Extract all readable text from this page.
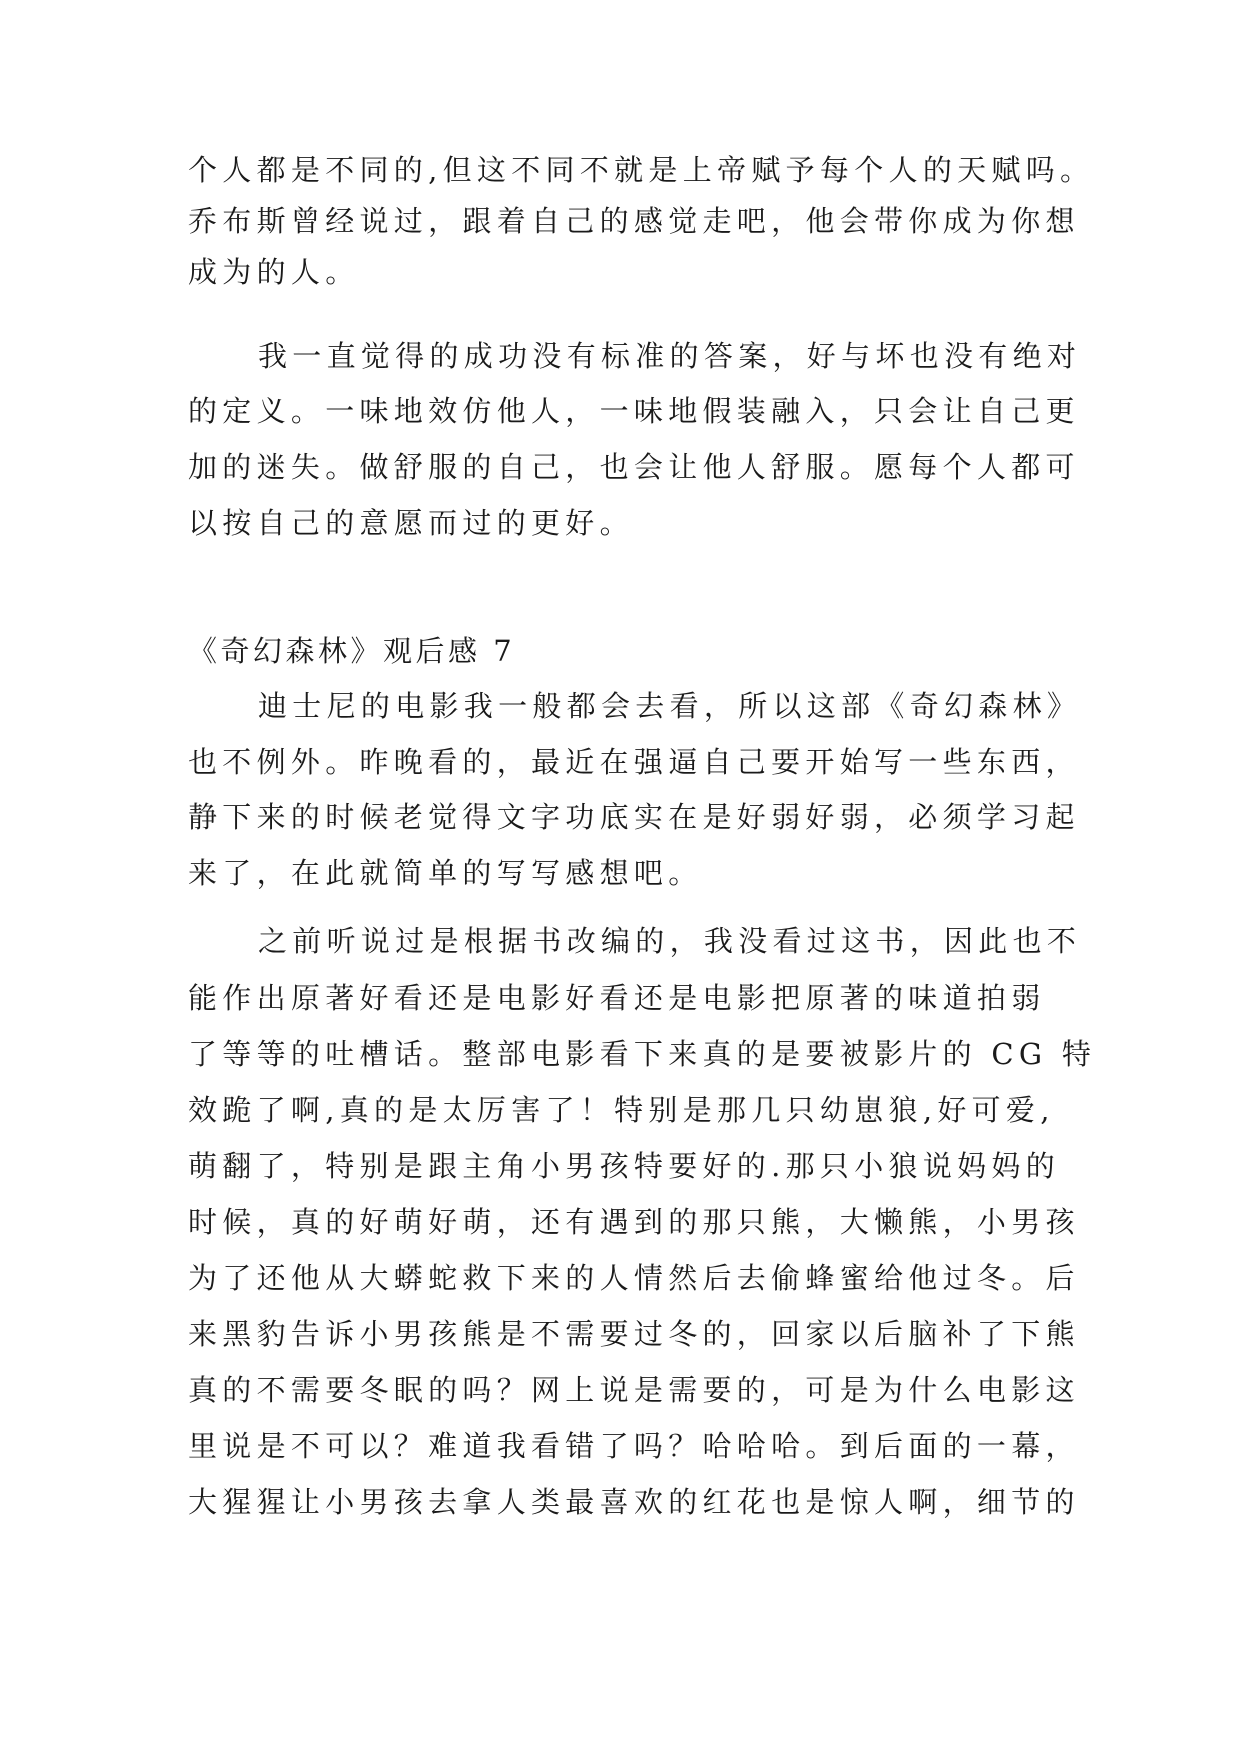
个人都是不同的,但这不同不就是上帝赋予每个人的天赋吗。
乔布斯曾经说过，跟着自己的感觉走吧，他会带你成为你想
成为的人。
我一直觉得的成功没有标准的答案，好与坏也没有绝对
的定义。一味地效仿他人，一味地假装融入，只会让自己更
加的迷失。做舒服的自己，也会让他人舒服。愿每个人都可
以按自己的意愿而过的更好。
《奇幻森林》观后感 7
迪士尼的电影我一般都会去看，所以这部《奇幻森林》
也不例外。昨晚看的，最近在强逼自己要开始写一些东西，
静下来的时候老觉得文字功底实在是好弱好弱，必须学习起
来了，在此就简单的写写感想吧。
之前听说过是根据书改编的，我没看过这书，因此也不
能作出原著好看还是电影好看还是电影把原著的味道拍弱
了等等的吐槽话。整部电影看下来真的是要被影片的 CG 特
效跪了啊,真的是太厉害了！特别是那几只幼崽狼,好可爱,
萌翻了，特别是跟主角小男孩特要好的.那只小狼说妈妈的
时候，真的好萌好萌，还有遇到的那只熊，大懒熊，小男孩
为了还他从大蟒蛇救下来的人情然后去偷蜂蜜给他过冬。后
来黑豹告诉小男孩熊是不需要过冬的，回家以后脑补了下熊
真的不需要冬眠的吗？网上说是需要的，可是为什么电影这
里说是不可以？难道我看错了吗？哈哈哈。到后面的一幕，
大猩猩让小男孩去拿人类最喜欢的红花也是惊人啊，细节的
